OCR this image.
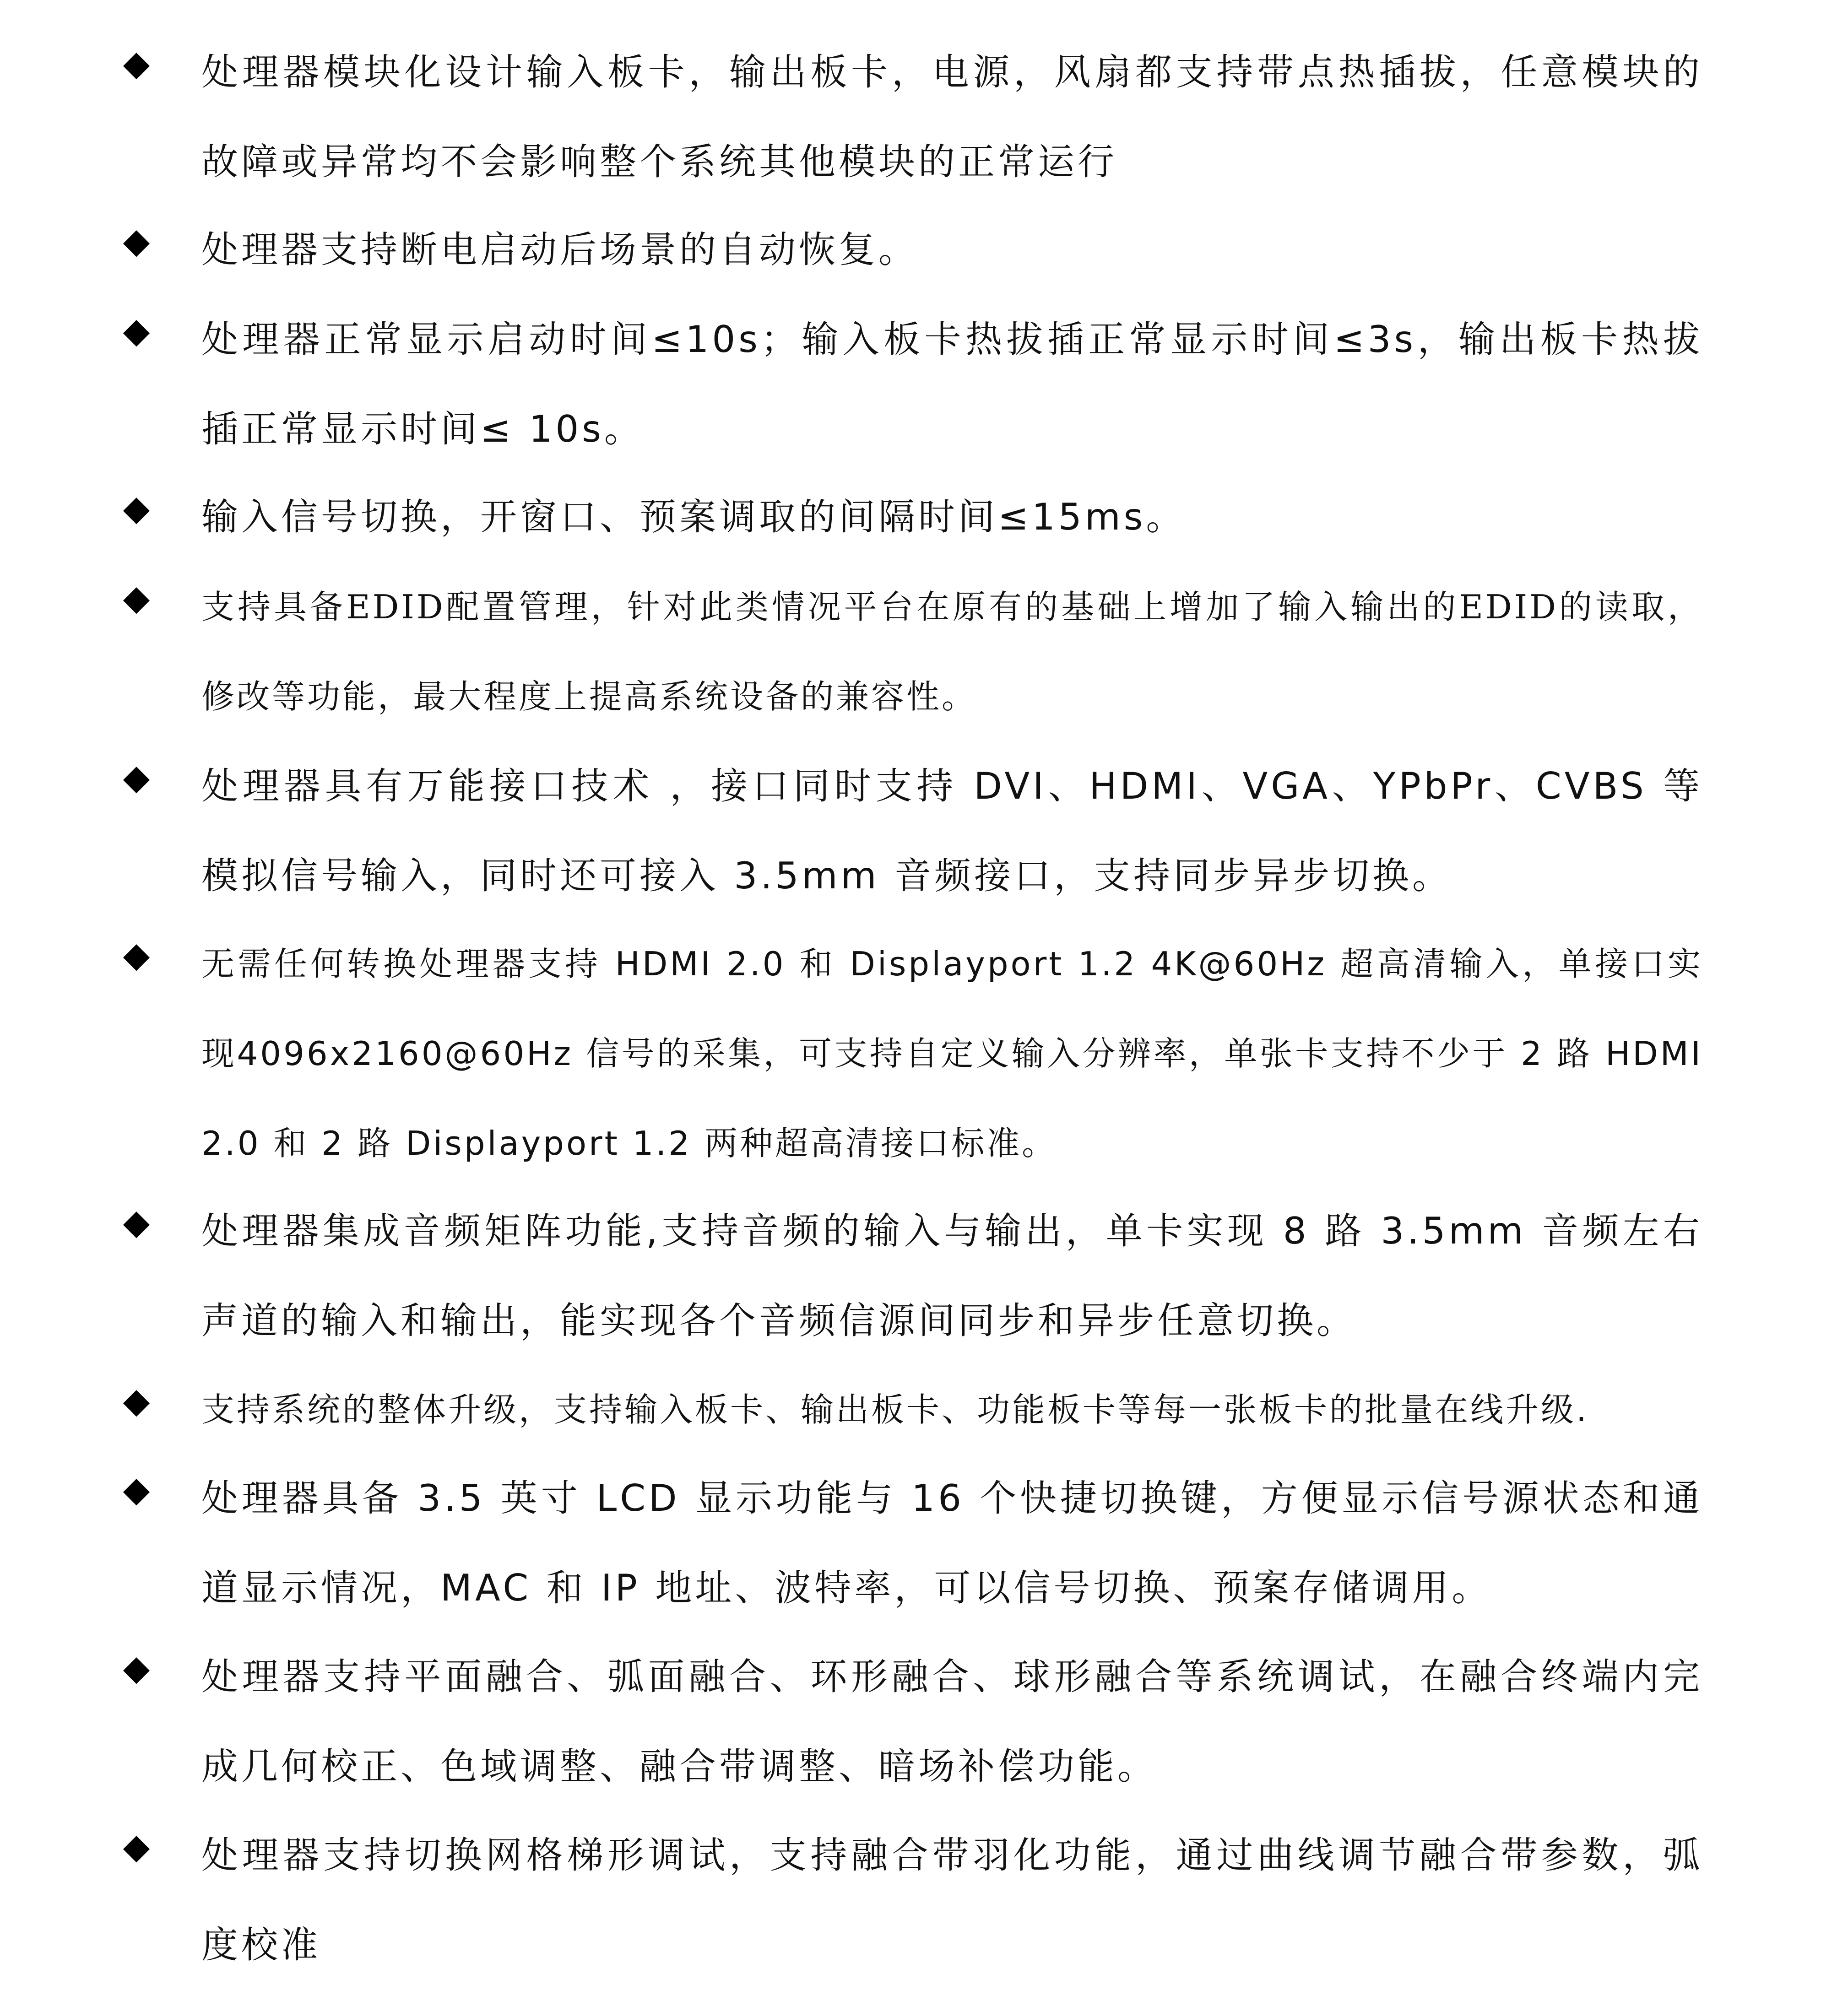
◆ 处理器模块化设计输入板卡，输出板卡，电源，风扇都支持带点热插拔，任意模块的故障或异常均不会影响整个系统其他模块的正常运行
◆ 处理器支持断电启动后场景的自动恢复。
◆ 处理器正常显示启动时间≤10s；输入板卡热拔插正常显示时间≤3s，输出板卡热拔插正常显示时间≤ 10s。
◆ 输入信号切换，开窗口、预案调取的间隔时间≤15ms。
◆ 支持具备EDID配置管理，针对此类情况平台在原有的基础上增加了输入输出的EDID的读取，修改等功能，最大程度上提高系统设备的兼容性。
◆ 处理器具有万能接口技术 ，接口同时支持 DVI、HDMI、VGA、YPbPr、CVBS 等模拟信号输入，同时还可接入 3.5mm 音频接口，支持同步异步切换。
◆ 无需任何转换处理器支持 HDMI 2.0 和 Displayport 1.2 4K@60Hz 超高清输入，单接口实现4096x2160@60Hz 信号的采集，可支持自定义输入分辨率，单张卡支持不少于 2 路 HDMI 2.0 和 2 路 Displayport 1.2 两种超高清接口标准。
◆ 处理器集成音频矩阵功能,支持音频的输入与输出，单卡实现 8 路 3.5mm 音频左右声道的输入和输出，能实现各个音频信源间同步和异步任意切换。
◆ 支持系统的整体升级，支持输入板卡、输出板卡、功能板卡等每一张板卡的批量在线升级.
◆ 处理器具备 3.5 英寸 LCD 显示功能与 16 个快捷切换键，方便显示信号源状态和通道显示情况，MAC 和 IP 地址、波特率，可以信号切换、预案存储调用。
◆ 处理器支持平面融合、弧面融合、环形融合、球形融合等系统调试，在融合终端内完成几何校正、色域调整、融合带调整、暗场补偿功能。
◆ 处理器支持切换网格梯形调试，支持融合带羽化功能，通过曲线调节融合带参数，弧度校准
